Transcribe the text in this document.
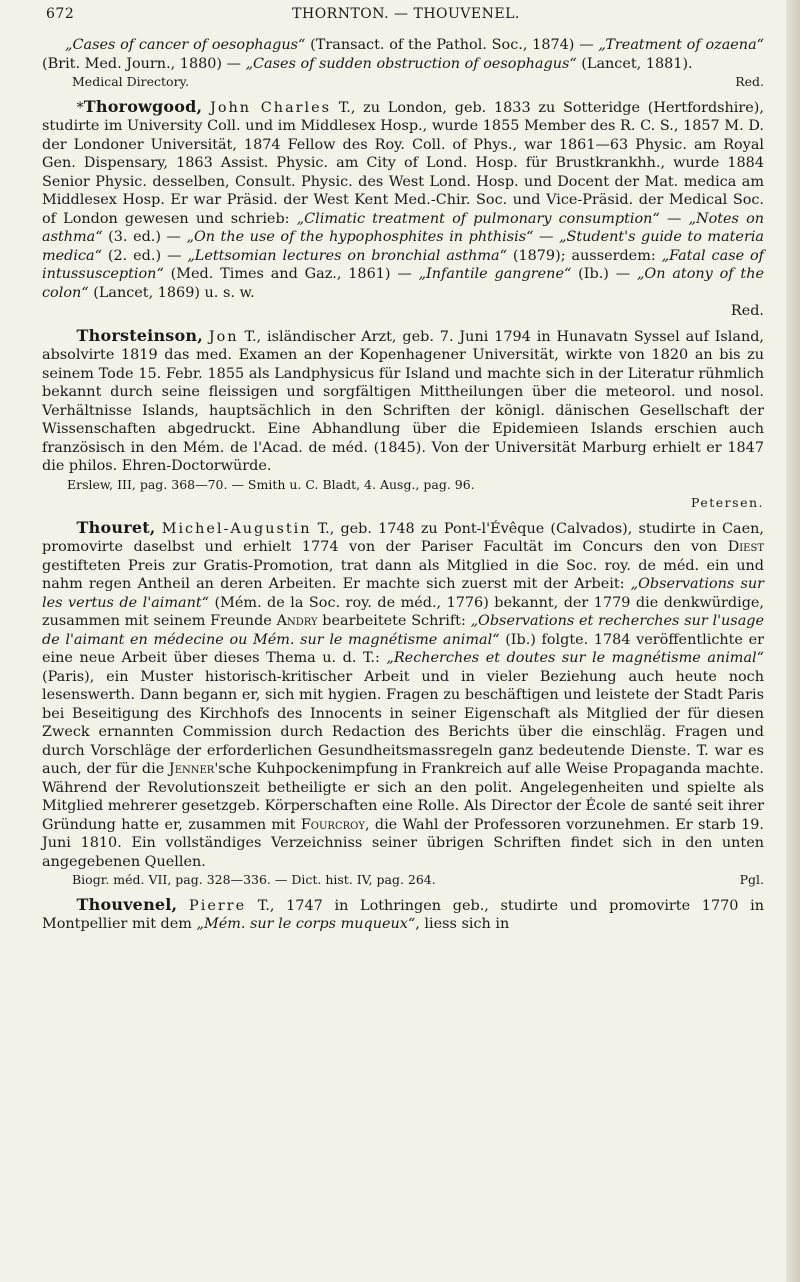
672	THORNTON. — THOUVENEL.

„Cases of cancer of oesophagus“ (Transact. of the Pathol. Soc., 1874) — „Treatment of ozaena“ (Brit. Med. Journ., 1880) — „Cases of sudden obstruction of oesophagus“ (Lancet, 1881).

Medical Directory.	Red.

*Thorowgood, John Charles T., zu London, geb. 1833 zu Sotteridge (Hertfordshire), studirte im University Coll. und im Middlesex Hosp., wurde 1855 Member des R. C. S., 1857 M. D. der Londoner Universität, 1874 Fellow des Roy. Coll. of Phys., war 1861—63 Physic. am Royal Gen. Dispensary, 1863 Assist. Physic. am City of Lond. Hosp. für Brustkrankhh., wurde 1884 Senior Physic. desselben, Consult. Physic. des West Lond. Hosp. und Docent der Mat. medica am Middlesex Hosp. Er war Präsid. der West Kent Med.-Chir. Soc. und Vice-Präsid. der Medical Soc. of London gewesen und schrieb: „Climatic treatment of pulmonary consumption“ — „Notes on asthma“ (3. ed.) — „On the use of the hypophosphites in phthisis“ — „Student's guide to materia medica“ (2. ed.) — „Lettsomian lectures on bronchial asthma“ (1879); ausserdem: „Fatal case of intussusception“ (Med. Times and Gaz., 1861) — „Infantile gangrene“ (Ib.) — „On atony of the colon“ (Lancet, 1869) u. s. w.

Red.

Thorsteinson, Jon T., isländischer Arzt, geb. 7. Juni 1794 in Hunavatn Syssel auf Island, absolvirte 1819 das med. Examen an der Kopenhagener Universität, wirkte von 1820 an bis zu seinem Tode 15. Febr. 1855 als Landphysicus für Island und machte sich in der Literatur rühmlich bekannt durch seine fleissigen und sorgfältigen Mittheilungen über die meteorol. und nosol. Verhältnisse Islands, hauptsächlich in den Schriften der königl. dänischen Gesellschaft der Wissenschaften abgedruckt. Eine Abhandlung über die Epidemieen Islands erschien auch französisch in den Mém. de l'Acad. de méd. (1845). Von der Universität Marburg erhielt er 1847 die philos. Ehren-Doctorwürde.

Erslew, III, pag. 368—70. — Smith u. C. Bladt, 4. Ausg., pag. 96.

Petersen.

Thouret, Michel-Augustin T., geb. 1748 zu Pont-l'Évêque (Calvados), studirte in Caen, promovirte daselbst und erhielt 1774 von der Pariser Facultät im Concurs den von Diest gestifteten Preis zur Gratis-Promotion, trat dann als Mitglied in die Soc. roy. de méd. ein und nahm regen Antheil an deren Arbeiten. Er machte sich zuerst mit der Arbeit: „Observations sur les vertus de l'aimant“ (Mém. de la Soc. roy. de méd., 1776) bekannt, der 1779 die denkwürdige, zusammen mit seinem Freunde Andry bearbeitete Schrift: „Observations et recherches sur l'usage de l'aimant en médecine ou Mém. sur le magnétisme animal“ (Ib.) folgte. 1784 veröffentlichte er eine neue Arbeit über dieses Thema u. d. T.: „Recherches et doutes sur le magnétisme animal“ (Paris), ein Muster historisch-kritischer Arbeit und in vieler Beziehung auch heute noch lesenswerth. Dann begann er, sich mit hygien. Fragen zu beschäftigen und leistete der Stadt Paris bei Beseitigung des Kirchhofs des Innocents in seiner Eigenschaft als Mitglied der für diesen Zweck ernannten Commission durch Redaction des Berichts über die einschläg. Fragen und durch Vorschläge der erforderlichen Gesundheitsmassregeln ganz bedeutende Dienste. T. war es auch, der für die Jenner'sche Kuhpockenimpfung in Frankreich auf alle Weise Propaganda machte. Während der Revolutionszeit betheiligte er sich an den polit. Angelegenheiten und spielte als Mitglied mehrerer gesetzgeb. Körperschaften eine Rolle. Als Director der École de santé seit ihrer Gründung hatte er, zusammen mit Fourcroy, die Wahl der Professoren vorzunehmen. Er starb 19. Juni 1810. Ein vollständiges Verzeichniss seiner übrigen Schriften findet sich in den unten angegebenen Quellen.

Biogr. méd. VII, pag. 328—336. — Dict. hist. IV, pag. 264.	Pgl.

Thouvenel, Pierre T., 1747 in Lothringen geb., studirte und promovirte 1770 in Montpellier mit dem „Mém. sur le corps muqueux“, liess sich in
